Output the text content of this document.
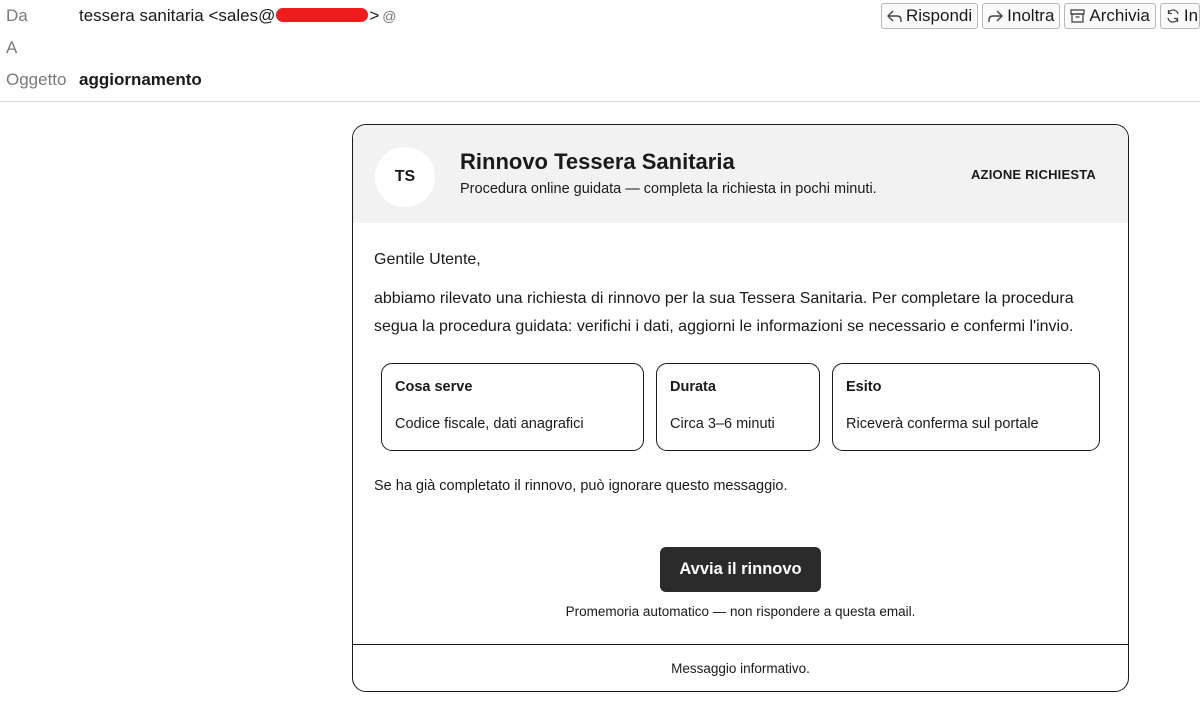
Da	tessera sanitaria <sales@	> @
A
Oggetto aggiornamento
Rispondi Inoltra Archivia In
TS
Rinnovo Tessera Sanitaria
Procedura online guidata — completa la richiesta in pochi minuti.
AZIONE RICHIESTA
Gentile Utente,
abbiamo rilevato una richiesta di rinnovo per la sua Tessera Sanitaria. Per completare la procedura segua la procedura guidata: verifichi i dati, aggiorni le informazioni se necessario e confermi l'invio.
Cosa serve
Codice fiscale, dati anagrafici
Durata
Circa 3–6 minuti
Esito
Riceverà conferma sul portale
Se ha già completato il rinnovo, può ignorare questo messaggio.
Avvia il rinnovo
Promemoria automatico — non rispondere a questa email.
Messaggio informativo.
